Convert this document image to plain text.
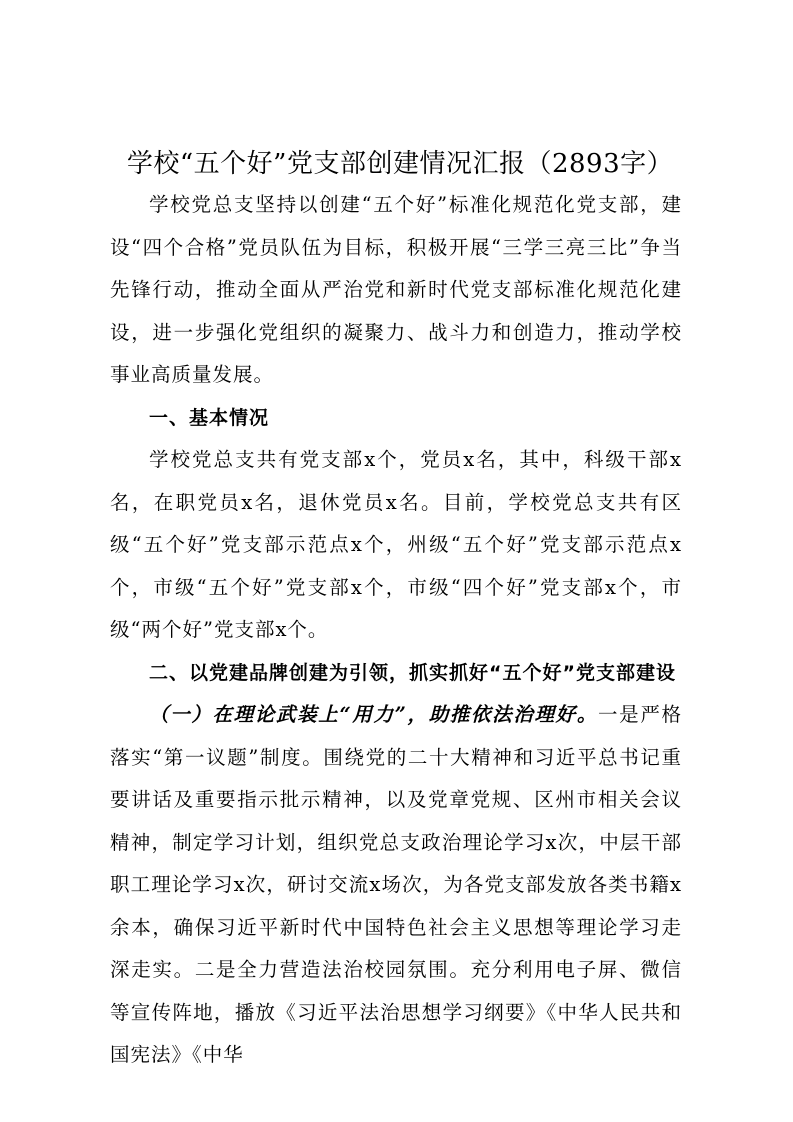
学校“五个好”党支部创建情况汇报（2893字）

学校党总支坚持以创建“五个好”标准化规范化党支部，建设“四个合格”党员队伍为目标，积极开展“三学三亮三比”争当先锋行动，推动全面从严治党和新时代党支部标准化规范化建设，进一步强化党组织的凝聚力、战斗力和创造力，推动学校事业高质量发展。

一、基本情况

学校党总支共有党支部x个，党员x名，其中，科级干部x名，在职党员x名，退休党员x名。目前，学校党总支共有区级“五个好”党支部示范点x个，州级“五个好”党支部示范点x个，市级“五个好”党支部x个，市级“四个好”党支部x个，市级“两个好”党支部x个。

二、以党建品牌创建为引领，抓实抓好“五个好”党支部建设

（一）在理论武装上“用力”，助推依法治理好。一是严格落实“第一议题”制度。围绕党的二十大精神和习近平总书记重要讲话及重要指示批示精神，以及党章党规、区州市相关会议精神，制定学习计划，组织党总支政治理论学习x次，中层干部职工理论学习x次，研讨交流x场次，为各党支部发放各类书籍x余本，确保习近平新时代中国特色社会主义思想等理论学习走深走实。二是全力营造法治校园氛围。充分利用电子屏、微信等宣传阵地，播放《习近平法治思想学习纲要》《中华人民共和国宪法》《中华
